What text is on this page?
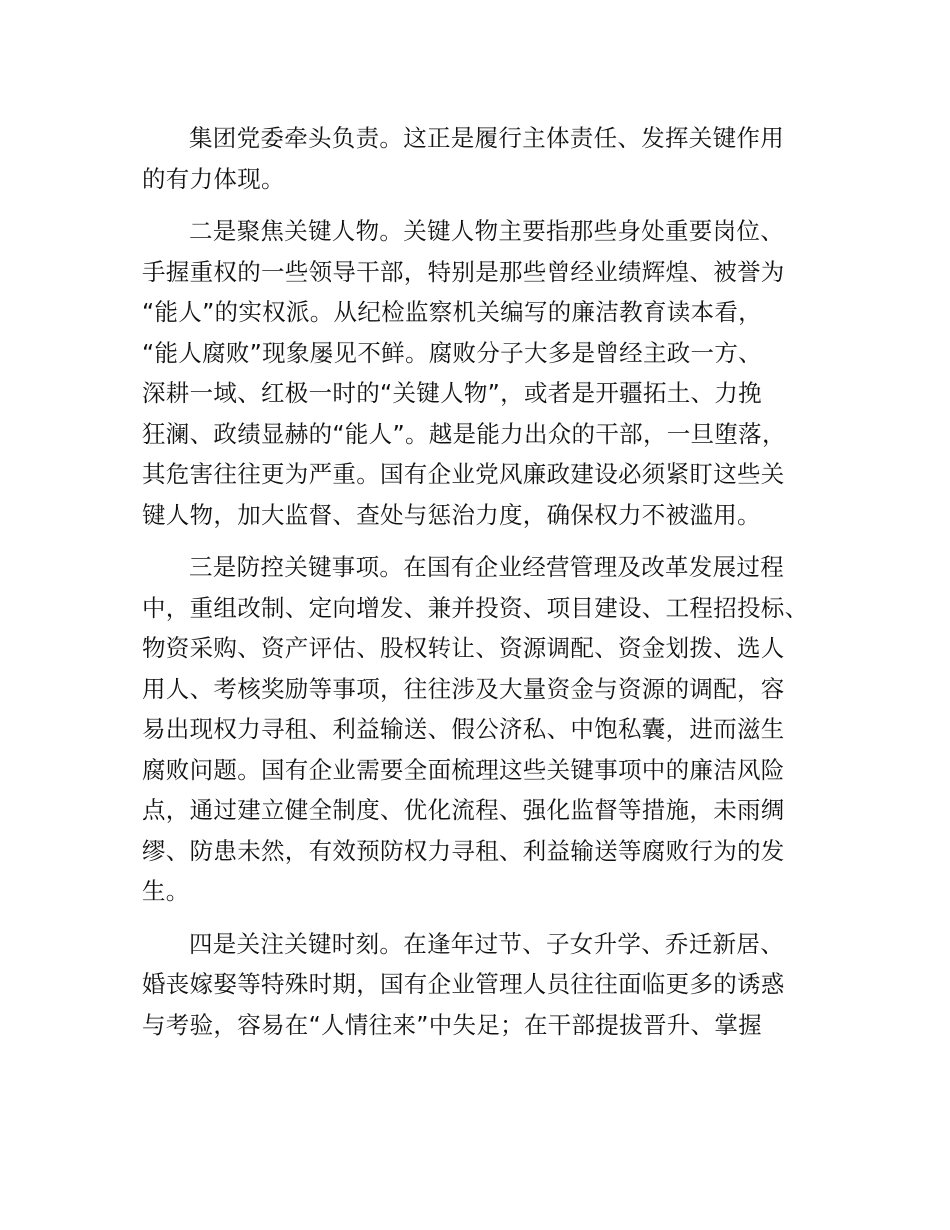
集团党委牵头负责。这正是履行主体责任、发挥关键作用
的有力体现。
二是聚焦关键人物。关键人物主要指那些身处重要岗位、
手握重权的一些领导干部，特别是那些曾经业绩辉煌、被誉为
“能人”的实权派。从纪检监察机关编写的廉洁教育读本看，
“能人腐败”现象屡见不鲜。腐败分子大多是曾经主政一方、
深耕一域、红极一时的“关键人物”，或者是开疆拓土、力挽
狂澜、政绩显赫的“能人”。越是能力出众的干部，一旦堕落，
其危害往往更为严重。国有企业党风廉政建设必须紧盯这些关
键人物，加大监督、查处与惩治力度，确保权力不被滥用。
三是防控关键事项。在国有企业经营管理及改革发展过程
中，重组改制、定向增发、兼并投资、项目建设、工程招投标、
物资采购、资产评估、股权转让、资源调配、资金划拨、选人
用人、考核奖励等事项，往往涉及大量资金与资源的调配，容
易出现权力寻租、利益输送、假公济私、中饱私囊，进而滋生
腐败问题。国有企业需要全面梳理这些关键事项中的廉洁风险
点，通过建立健全制度、优化流程、强化监督等措施，未雨绸
缪、防患未然，有效预防权力寻租、利益输送等腐败行为的发
生。
四是关注关键时刻。在逢年过节、子女升学、乔迁新居、
婚丧嫁娶等特殊时期，国有企业管理人员往往面临更多的诱惑
与考验，容易在“人情往来”中失足；在干部提拔晋升、掌握
